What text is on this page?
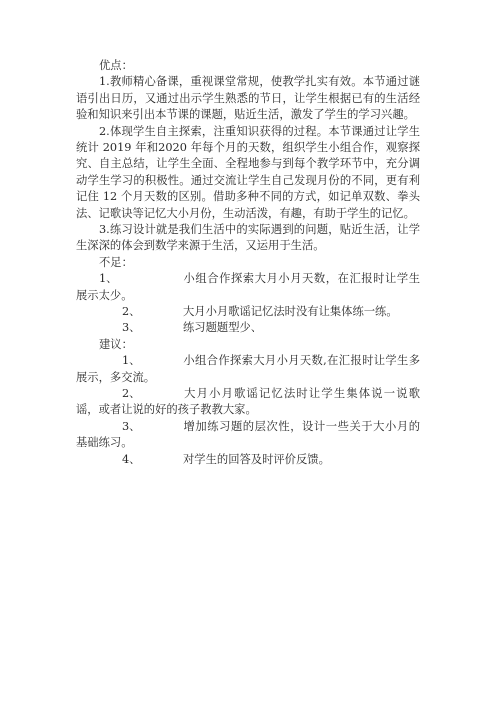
优点：

1.教师精心备课，重视课堂常规，使教学扎实有效。本节通过谜语引出日历，又通过出示学生熟悉的节日，让学生根据已有的生活经验和知识来引出本节课的课题，贴近生活，激发了学生的学习兴趣。

2.体现学生自主探索，注重知识获得的过程。本节课通过让学生统计 2019 年和2020 年每个月的天数，组织学生小组合作，观察探究、自主总结，让学生全面、全程地参与到每个教学环节中，充分调动学生学习的积极性。通过交流让学生自己发现月份的不同，更有利记住 12 个月天数的区别。借助多种不同的方式，如记单双数、拳头法、记歌诀等记忆大小月份，生动活泼，有趣，有助于学生的记忆。

3.练习设计就是我们生活中的实际遇到的问题，贴近生活，让学生深深的体会到数学来源于生活，又运用于生活。

不足：

1、	小组合作探索大月小月天数，在汇报时让学生展示太少。

2、	大月小月歌谣记忆法时没有让集体练一练。

3、	练习题题型少、

建议：

1、	小组合作探索大月小月天数,在汇报时让学生多展示，多交流。

2、	大月小月歌谣记忆法时让学生集体说一说歌谣，或者让说的好的孩子教教大家。

3、	增加练习题的层次性，设计一些关于大小月的基础练习。

4、	对学生的回答及时评价反馈。
